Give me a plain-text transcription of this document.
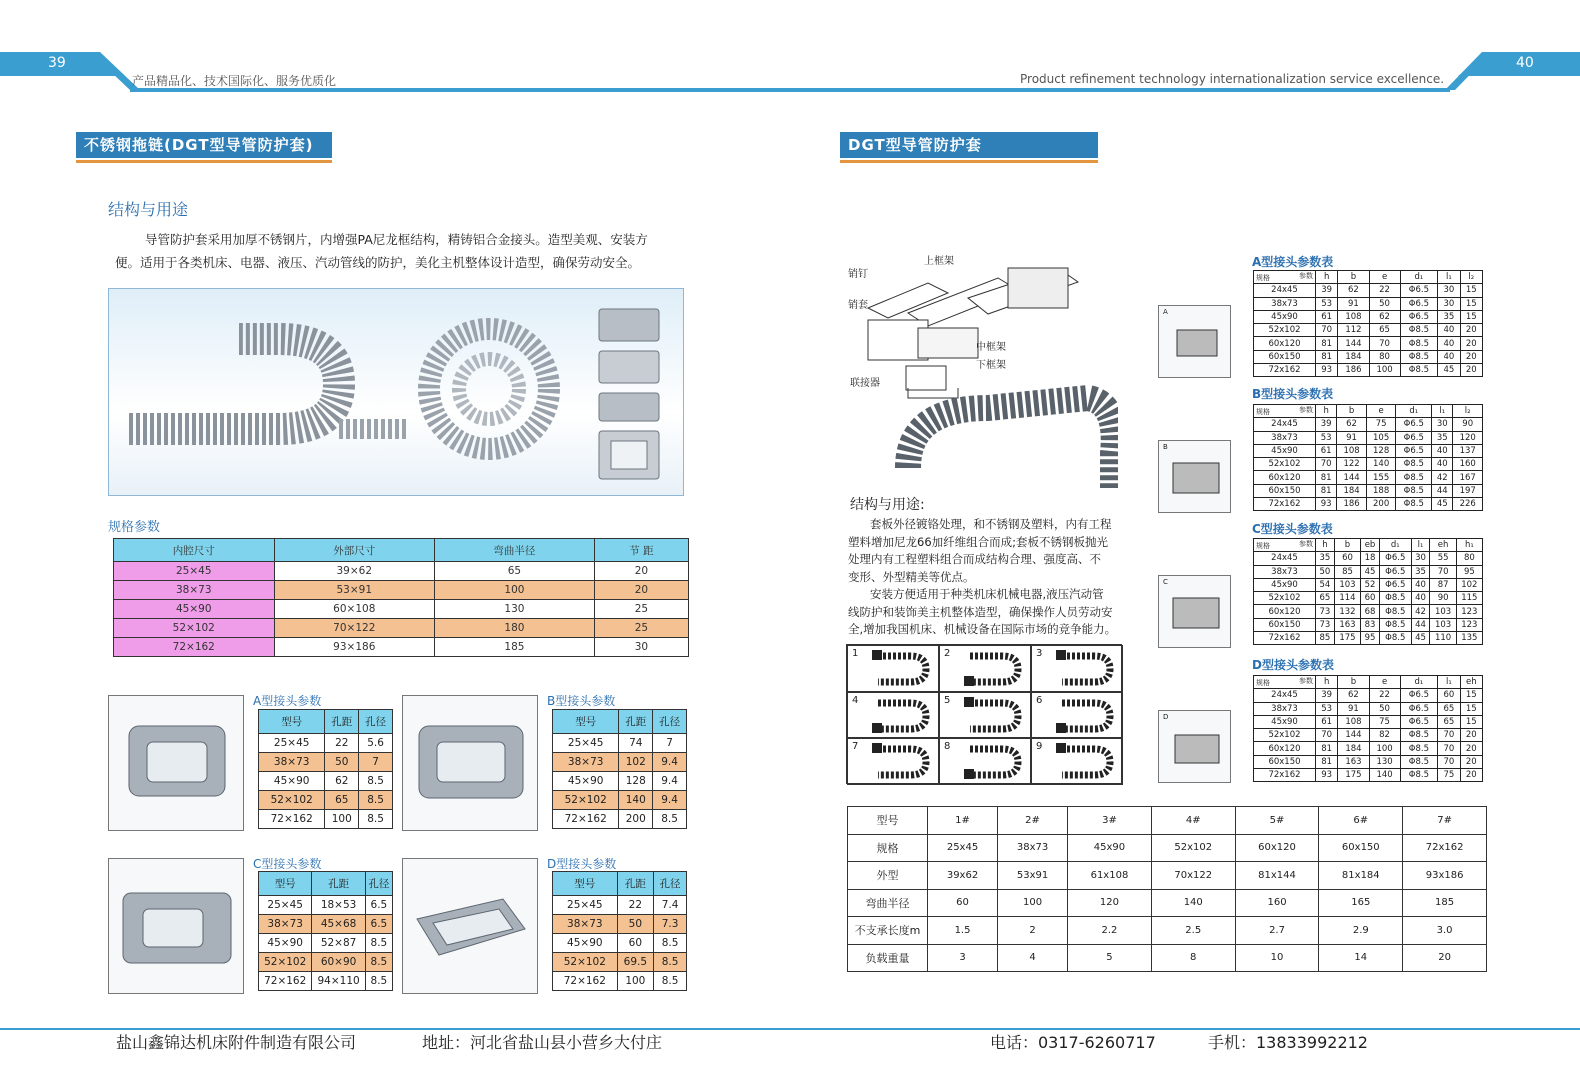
39	40
产品精品化、技术国际化、服务优质化	Product refinement technology internationalization service excellence.
不锈钢拖链(DGT型导管防护套)
结构与用途
导管防护套采用加厚不锈钢片，内增强PA尼龙框结构，精铸铝合金接头。造型美观、安装方
便。适用于各类机床、电器、液压、汽动管线的防护，美化主机整体设计造型，确保劳动安全。
规格参数
内腔尺寸	外部尺寸	弯曲半径	节 距
25×45	39×62	65	20
38×73	53×91	100	20
45×90	60×108	130	25
52×102	70×122	180	25
72×162	93×186	185	30
A型接头参数
型号	孔距	孔径
25×45	22	5.6
38×73	50	7
45×90	62	8.5
52×102	65	8.5
72×162	100	8.5
B型接头参数
型号	孔距	孔径
25×45	74	7
38×73	102	9.4
45×90	128	9.4
52×102	140	9.4
72×162	200	8.5
C型接头参数
型号	孔距	孔径
25×45	18×53	6.5
38×73	45×68	6.5
45×90	52×87	8.5
52×102	60×90	8.5
72×162	94×110	8.5
D型接头参数
型号	孔距	孔径
25×45	22	7.4
38×73	50	7.3
45×90	60	8.5
52×102	69.5	8.5
72×162	100	8.5
DGT型导管防护套
上框架
销钉
销套
中框架
下框架
联接器
结构与用途:
套板外径镀铬处理，和不锈钢及塑料，内有工程
塑料增加尼龙66加纤维组合而成;套板不锈钢板抛光
处理内有工程塑料组合而成结构合理、强度高、不
变形、外型精美等优点。
安装方便适用于种类机床机械电器,液压汽动管
线防护和装饰美主机整体造型，确保操作人员劳动安
全,增加我国机床、机械设备在国际市场的竞争能力。
1	2	3
4	5	6
7	8	9
A
B
C
D
A型接头参数表
参数
规格	h	b	e	d₁	l₁	l₂
24x45	39	62	22	Φ6.5	30	15
38x73	53	91	50	Φ6.5	30	15
45x90	61	108	62	Φ6.5	35	15
52x102	70	112	65	Φ8.5	40	20
60x120	81	144	70	Φ8.5	40	20
60x150	81	184	80	Φ8.5	40	20
72x162	93	186	100	Φ8.5	45	20
B型接头参数表
参数
规格	h	b	e	d₁	l₁	l₂
24x45	39	62	75	Φ6.5	30	90
38x73	53	91	105	Φ6.5	35	120
45x90	61	108	128	Φ6.5	40	137
52x102	70	122	140	Φ8.5	40	160
60x120	81	144	155	Φ8.5	42	167
60x150	81	184	188	Φ8.5	44	197
72x162	93	186	200	Φ8.5	45	226
C型接头参数表
参数
规格	h	b	eb	d₁	l₁	eh	h₁
24x45	35	60	18	Φ6.5	30	55	80
38x73	50	85	45	Φ6.5	35	70	95
45x90	54	103	52	Φ6.5	40	87	102
52x102	65	114	60	Φ8.5	40	90	115
60x120	73	132	68	Φ8.5	42	103	123
60x150	73	163	83	Φ8.5	44	103	123
72x162	85	175	95	Φ8.5	45	110	135
D型接头参数表
参数
规格	h	b	e	d₁	l₁	eh
24x45	39	62	22	Φ6.5	60	15
38x73	53	91	50	Φ6.5	65	15
45x90	61	108	75	Φ6.5	65	15
52x102	70	144	82	Φ8.5	70	20
60x120	81	184	100	Φ8.5	70	20
60x150	81	163	130	Φ8.5	70	20
72x162	93	175	140	Φ8.5	75	20
型号	1#	2#	3#	4#	5#	6#	7#
规格	25x45	38x73	45x90	52x102	60x120	60x150	72x162
外型	39x62	53x91	61x108	70x122	81x144	81x184	93x186
弯曲半径	60	100	120	140	160	165	185
不支承长度m	1.5	2	2.2	2.5	2.7	2.9	3.0
负载重量	3	4	5	8	10	14	20
盐山鑫锦达机床附件制造有限公司	地址：河北省盐山县小营乡大付庄	电话：0317-6260717	手机：13833992212
